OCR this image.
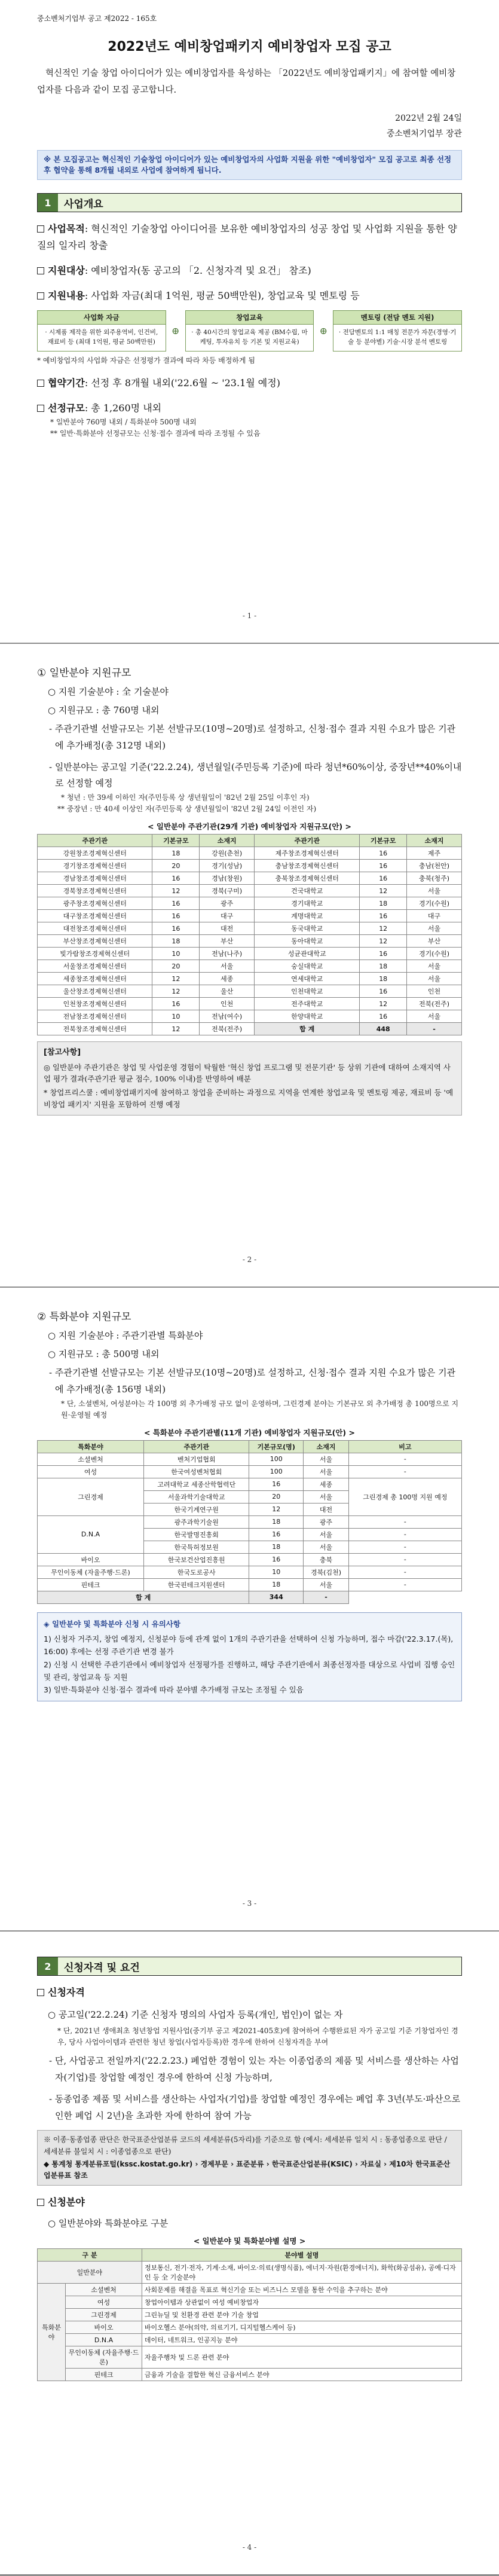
중소벤처기업부 공고 제2022 - 165호
2022년도 예비창업패키지 예비창업자 모집 공고
혁신적인 기술 창업 아이디어가 있는 예비창업자를 육성하는 「2022년도 예비창업패키지」에 참여할 예비창업자를 다음과 같이 모집 공고합니다.
2022년 2월 24일
중소벤처기업부 장관
※ 본 모집공고는 혁신적인 기술창업 아이디어가 있는 예비창업자의 사업화 지원을 위한 "예비창업자" 모집 공고로 최종 선정 후 협약을 통해 8개월 내외로 사업에 참여하게 됩니다.
1	사업개요
사업목적: 혁신적인 기술창업 아이디어를 보유한 예비창업자의 성공 창업 및 사업화 지원을 통한 양질의 일자리 창출
지원대상: 예비창업자(동 공고의 「2. 신청자격 및 요건」 참조)
지원내용: 사업화 자금(최대 1억원, 평균 50백만원), 창업교육 및 멘토링 등
사업화 자금
· 시제품 제작을 위한 외주용역비, 인건비, 재료비 등 (최대 1억원, 평균 50백만원)
⊕
창업교육
· 총 40시간의 창업교육 제공 (BM수립, 마케팅, 투자유치 등 기본 및 지원교육)
⊕
멘토링 (전담 멘토 지원)
· 전담멘토의 1:1 매칭 전문가 자문(경영·기술 등 분야별) 기술·시장 분석 멘토링
* 예비창업자의 사업화 자금은 선정평가 결과에 따라 차등 배정하게 됨
협약기간: 선정 후 8개월 내외('22.6월 ~ '23.1월 예정)
선정규모: 총 1,260명 내외
* 일반분야 760명 내외 / 특화분야 500명 내외
** 일반·특화분야 선정규모는 신청·접수 결과에 따라 조정될 수 있음
- 1 -
① 일반분야 지원규모
○ 지원 기술분야 : 全 기술분야
○ 지원규모 : 총 760명 내외
- 주관기관별 선발규모는 기본 선발규모(10명~20명)로 설정하고, 신청·접수 결과 지원 수요가 많은 기관에 추가배정(총 312명 내외)
- 일반분야는 공고일 기준('22.2.24), 생년월일(주민등록 기준)에 따라 청년*60%이상, 중장년**40%이내로 선정할 예정
* 청년 : 만 39세 이하인 자(주민등록 상 생년월일이 '82년 2월 25일 이후인 자)
** 중장년 : 만 40세 이상인 자(주민등록 상 생년월일이 '82년 2월 24일 이전인 자)
< 일반분야 주관기관(29개 기관) 예비창업자 지원규모(안) >
주관기관	기본규모	소재지	주관기관	기본규모	소재지
강원창조경제혁신센터	18	강원(춘천)	제주창조경제혁신센터	16	제주
경기창조경제혁신센터	20	경기(성남)	충남창조경제혁신센터	16	충남(천안)
경남창조경제혁신센터	16	경남(창원)	충북창조경제혁신센터	16	충북(청주)
경북창조경제혁신센터	12	경북(구미)	건국대학교	12	서울
광주창조경제혁신센터	16	광주	경기대학교	18	경기(수원)
대구창조경제혁신센터	16	대구	계명대학교	16	대구
대전창조경제혁신센터	16	대전	동국대학교	12	서울
부산창조경제혁신센터	18	부산	동아대학교	12	부산
빛가람창조경제혁신센터	10	전남(나주)	성균관대학교	16	경기(수원)
서울창조경제혁신센터	20	서울	숭실대학교	18	서울
세종창조경제혁신센터	12	세종	연세대학교	18	서울
울산창조경제혁신센터	12	울산	인천대학교	16	인천
인천창조경제혁신센터	16	인천	전주대학교	12	전북(전주)
전남창조경제혁신센터	10	전남(여수)	한양대학교	16	서울
전북창조경제혁신센터	12	전북(전주)	합 계	448	-
[참고사항]
◎ 일반분야 주관기관은 창업 및 사업운영 경험이 탁월한 '혁신 창업 프로그램 및 전문기관' 등 상위 기관에 대하여 소재지역 사업 평가 결과(주관기관 평균 점수, 100% 이내)를 반영하여 배분
* 창업프리스쿨 : 예비창업패키지에 참여하고 창업을 준비하는 과정으로 지역을 연계한 창업교육 및 멘토링 제공, 재료비 등 '예비창업 패키지' 지원을 포함하여 진행 예정
- 2 -
② 특화분야 지원규모
○ 지원 기술분야 : 주관기관별 특화분야
○ 지원규모 : 총 500명 내외
- 주관기관별 선발규모는 기본 선발규모(10명~20명)로 설정하고, 신청·접수 결과 지원 수요가 많은 기관에 추가배정(총 156명 내외)
* 단, 소셜벤처, 여성분야는 각 100명 외 추가배정 규모 없이 운영하며, 그린경제 분야는 기본규모 외 추가배정 총 100명으로 지원·운영될 예정
< 특화분야 주관기관별(11개 기관) 예비창업자 지원규모(안) >
특화분야	주관기관	기본규모(명)	소재지	비고
소셜벤처	벤처기업협회	100	서울	-
여성	한국여성벤처협회	100	서울	-
그린경제	고려대학교 세종산학협력단	16	세종	그린경제 총 100명 지원 예정
	서울과학기술대학교	20	서울	
	한국기계연구원	12	대전	
D.N.A	광주과학기술원	18	광주	-
	한국발명진흥회	16	서울	-
	한국특허정보원	18	서울	-
바이오	한국보건산업진흥원	16	충북	-
무인이동체 (자율주행·드론)	한국도로공사	10	경북(김천)	-
핀테크	한국핀테크지원센터	18	서울	-
합 계		344	-	
◈ 일반분야 및 특화분야 신청 시 유의사항
1) 신청자 거주지, 창업 예정지, 신청분야 등에 관계 없이 1개의 주관기관을 선택하여 신청 가능하며, 접수 마감('22.3.17.(목), 16:00) 후에는 선정 주관기관 변경 불가
2) 신청 시 선택한 주관기관에서 예비창업자 선정평가를 진행하고, 해당 주관기관에서 최종선정자를 대상으로 사업비 집행 승인 및 관리, 창업교육 등 지원
3) 일반·특화분야 신청·접수 결과에 따라 분야별 추가배정 규모는 조정될 수 있음
- 3 -
2	신청자격 및 요건
신청자격
○ 공고일('22.2.24) 기준 신청자 명의의 사업자 등록(개인, 법인)이 없는 자
* 단, 2021년 생애최초 청년창업 지원사업(중기부 공고 제2021-405호)에 참여하여 수행완료된 자가 공고일 기준 기창업자인 경우, 당사 사업아이템과 관련한 청년 창업(사업자등록)한 경우에 한하여 신청자격을 부여
- 단, 사업공고 전일까지('22.2.23.) 폐업한 경험이 있는 자는 이종업종의 제품 및 서비스를 생산하는 사업자(기업)를 창업할 예정인 경우에 한하여 신청 가능하며,
- 동종업종 제품 및 서비스를 생산하는 사업자(기업)를 창업할 예정인 경우에는 폐업 후 3년(부도·파산으로 인한 폐업 시 2년)을 초과한 자에 한하여 참여 가능
※ 이종·동종업종 판단은 한국표준산업분류 코드의 세세분류(5자리)를 기준으로 함 (예시: 세세분류 일치 시 : 동종업종으로 판단 / 세세분류 불일치 시 : 이종업종으로 판단)
◆ 통계청 통계분류포털(kssc.kostat.go.kr) › 경제부문 › 표준분류 › 한국표준산업분류(KSIC) › 자료실 › 제10차 한국표준산업분류표 참조
신청분야
○ 일반분야와 특화분야로 구분
< 일반분야 및 특화분야별 설명 >
구 분		분야별 설명
일반분야		정보통신, 전기·전자, 기계·소재, 바이오·의료(생명식품), 에너지·자원(환경에너지), 화학(화공섬유), 공예·디자인 등 全 기술분야
특화분야	소셜벤처	사회문제를 해결을 목표로 혁신기술 또는 비즈니스 모델을 통한 수익을 추구하는 분야
	여성	창업아이템과 상관없이 여성 예비창업자
	그린경제	그린뉴딜 및 친환경 관련 분야 기술 창업
	바이오	바이오헬스 분야(의약, 의료기기, 디지털헬스케어 등)
	D.N.A	데이터, 네트워크, 인공지능 분야
	무인이동체 (자율주행·드론)	자율주행차 및 드론 관련 분야
	핀테크	금융과 기술을 결합한 혁신 금융서비스 분야
- 4 -
